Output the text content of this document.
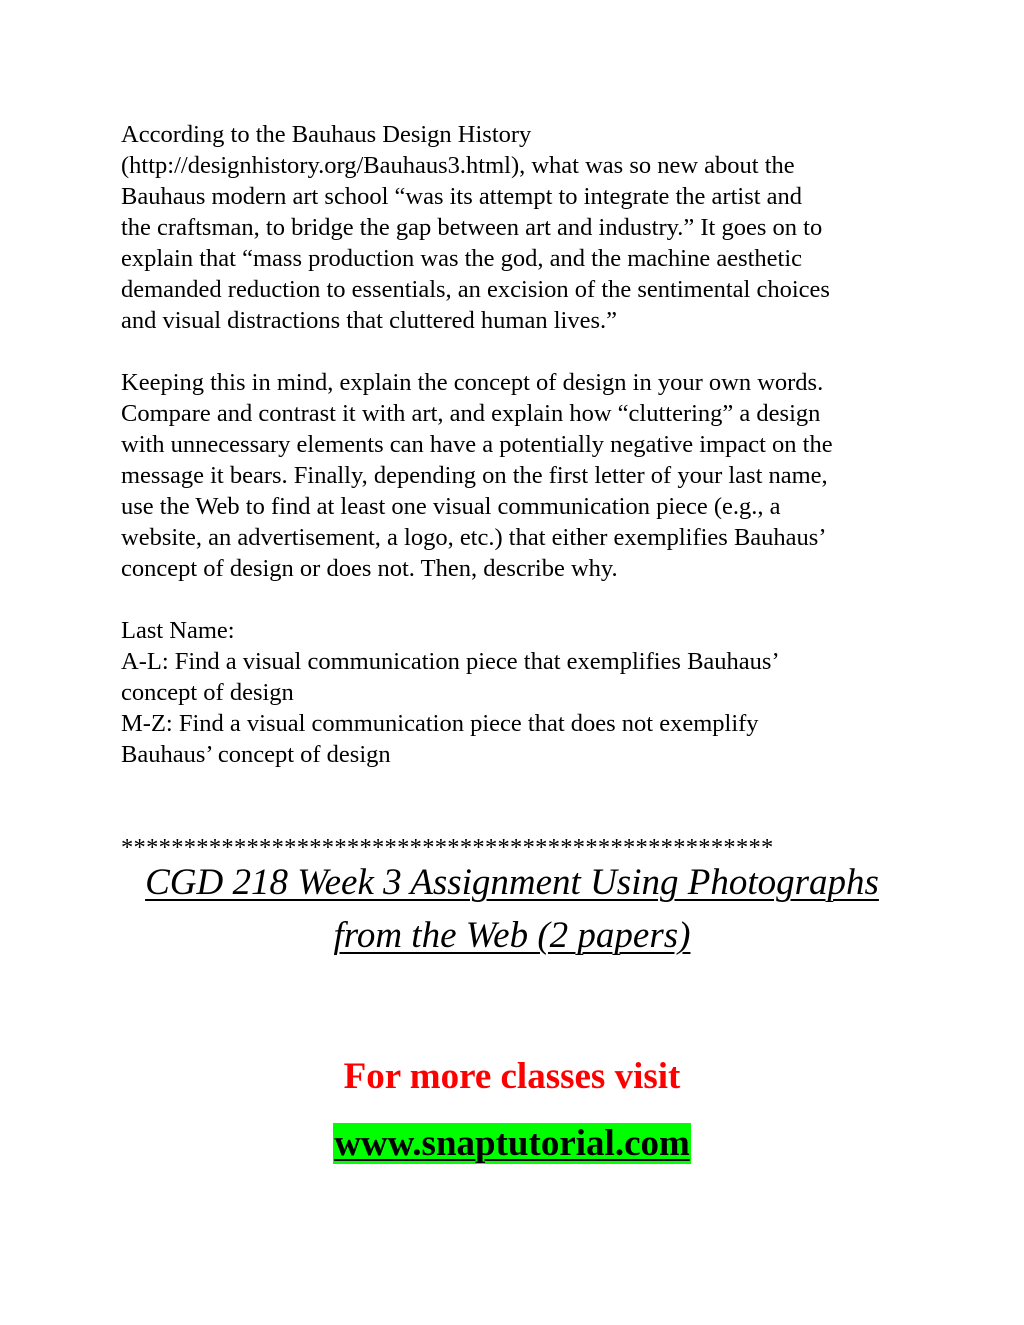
According to the Bauhaus Design History
(http://designhistory.org/Bauhaus3.html), what was so new about the
Bauhaus modern art school “was its attempt to integrate the artist and
the craftsman, to bridge the gap between art and industry.” It goes on to
explain that “mass production was the god, and the machine aesthetic
demanded reduction to essentials, an excision of the sentimental choices
and visual distractions that cluttered human lives.”

Keeping this in mind, explain the concept of design in your own words.
Compare and contrast it with art, and explain how “cluttering” a design
with unnecessary elements can have a potentially negative impact on the
message it bears. Finally, depending on the first letter of your last name,
use the Web to find at least one visual communication piece (e.g., a
website, an advertisement, a logo, etc.) that either exemplifies Bauhaus’
concept of design or does not. Then, describe why.

Last Name:
A-L: Find a visual communication piece that exemplifies Bauhaus’
concept of design
M-Z: Find a visual communication piece that does not exemplify
Bauhaus’ concept of design

****************************************************

CGD 218 Week 3 Assignment Using Photographs
from the Web (2 papers)
For more classes visit
www.snaptutorial.com
